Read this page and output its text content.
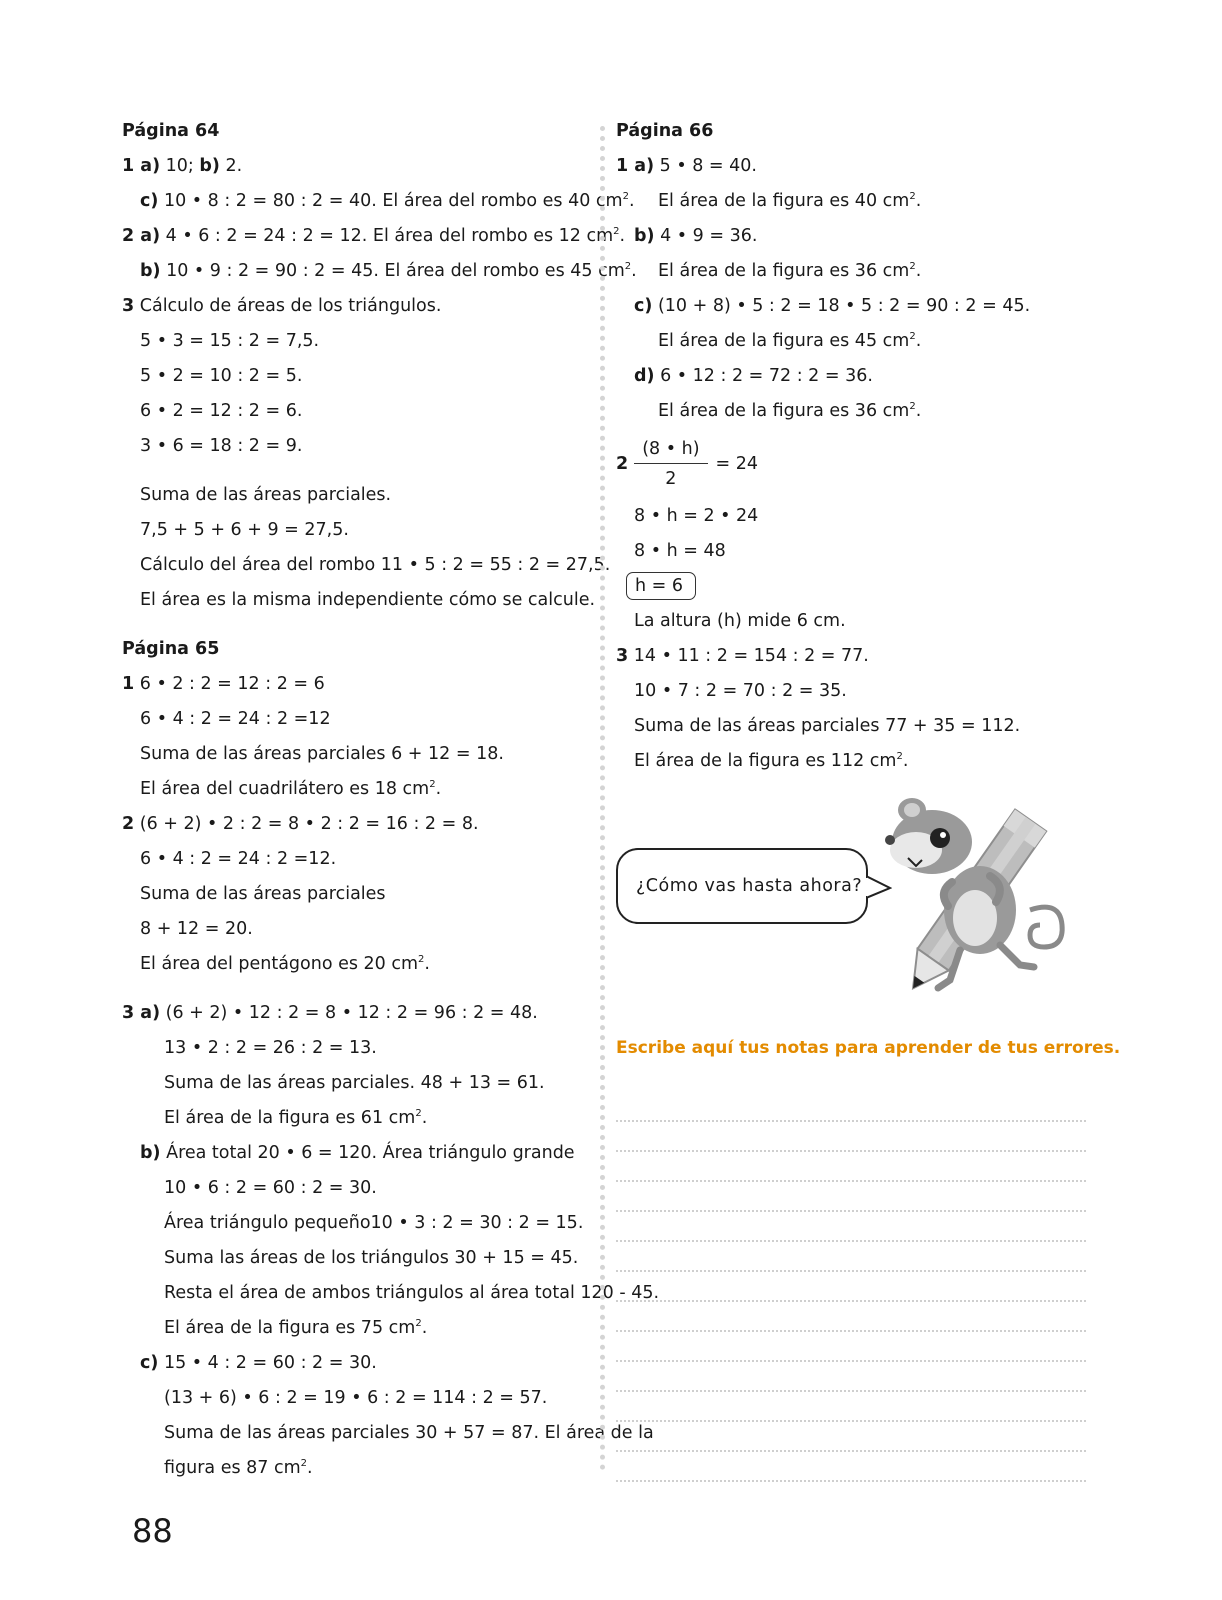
Página 64
1 a) 10; b) 2.
c) 10 • 8 : 2 = 80 : 2 = 40. El área del rombo es 40 $cm^2$.
2 a) 4 • 6 : 2 = 24 : 2 = 12. El área del rombo es 12 $cm^2$.
b) 10 • 9 : 2 = 90 : 2 = 45. El área del rombo es 45 $cm^2$.
3 Cálculo de áreas de los triángulos.
5 • 3 = 15 : 2 = 7,5.
5 • 2 = 10 : 2 = 5.
6 • 2 = 12 : 2 = 6.
3 • 6 = 18 : 2 = 9.
Suma de las áreas parciales.
7,5 + 5 + 6 + 9 = 27,5.
Cálculo del área del rombo 11 • 5 : 2 = 55 : 2 = 27,5.
El área es la misma independiente cómo se calcule.
Página 65
1 6 • 2 : 2 = 12 : 2 = 6
6 • 4 : 2 = 24 : 2 =12
Suma de las áreas parciales 6 + 12 = 18.
El área del cuadrilátero es 18 $cm^2$.
2 (6 + 2) • 2 : 2 = 8 • 2 : 2 = 16 : 2 = 8.
6 • 4 : 2 = 24 : 2 =12.
Suma de las áreas parciales
8 + 12 = 20.
El área del pentágono es 20 $cm^2$.
3 a) (6 + 2) • 12 : 2 = 8 • 12 : 2 = 96 : 2 = 48.
13 • 2 : 2 = 26 : 2 = 13.
Suma de las áreas parciales. 48 + 13 = 61.
El área de la figura es 61 $cm^2$.
b) Área total 20 • 6 = 120. Área triángulo grande
10 • 6 : 2 = 60 : 2 = 30.
Área triángulo pequeño10 • 3 : 2 = 30 : 2 = 15.
Suma las áreas de los triángulos 30 + 15 = 45.
Resta el área de ambos triángulos al área total 120 - 45.
El área de la figura es 75 $cm^2$.
c) 15 • 4 : 2 = 60 : 2 = 30.
(13 + 6) • 6 : 2 = 19 • 6 : 2 = 114 : 2 = 57.
Suma de las áreas parciales 30 + 57 = 87. El área de la
figura es 87 $cm^2$.
Página 66
1 a) 5 • 8 = 40.
El área de la figura es 40 $cm^2$.
b) 4 • 9 = 36.
El área de la figura es 36 $cm^2$.
c) (10 + 8) • 5 : 2 = 18 • 5 : 2 = 90 : 2 = 45.
El área de la figura es 45 $cm^2$.
d) 6 • 12 : 2 = 72 : 2 = 36.
El área de la figura es 36 $cm^2$.
$2 \frac{(8 • h)}{2} = 24$
8 • h = 2 • 24
8 • h = 48
h = 6
La altura (h) mide 6 cm.
3 14 • 11 : 2 = 154 : 2 = 77.
10 • 7 : 2 = 70 : 2 = 35.
Suma de las áreas parciales 77 + 35 = 112.
El área de la figura es 112 $cm^2$.
¿Cómo vas hasta ahora?
Escribe aquí tus notas para aprender de tus errores.
88
